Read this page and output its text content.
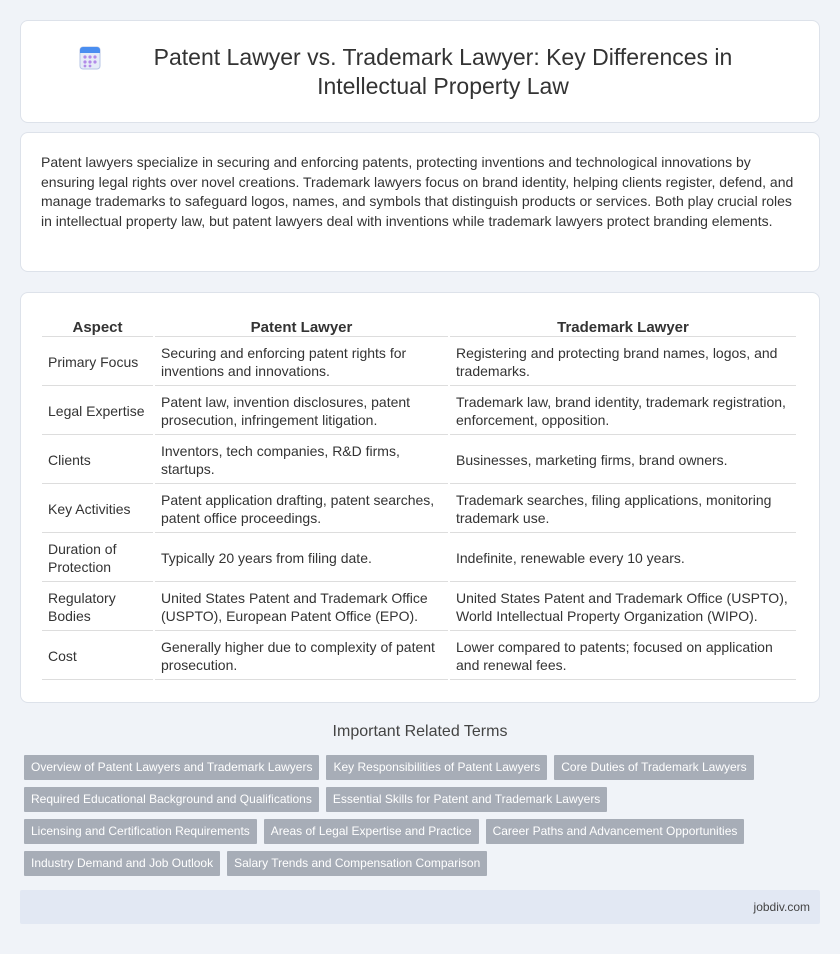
Patent Lawyer vs. Trademark Lawyer: Key Differences in Intellectual Property Law

Patent lawyers specialize in securing and enforcing patents, protecting inventions and technological innovations by ensuring legal rights over novel creations. Trademark lawyers focus on brand identity, helping clients register, defend, and manage trademarks to safeguard logos, names, and symbols that distinguish products or services. Both play crucial roles in intellectual property law, but patent lawyers deal with inventions while trademark lawyers protect branding elements.

Aspect	Patent Lawyer	Trademark Lawyer
Primary Focus	Securing and enforcing patent rights for inventions and innovations.	Registering and protecting brand names, logos, and trademarks.
Legal Expertise	Patent law, invention disclosures, patent prosecution, infringement litigation.	Trademark law, brand identity, trademark registration, enforcement, opposition.
Clients	Inventors, tech companies, R&D firms, startups.	Businesses, marketing firms, brand owners.
Key Activities	Patent application drafting, patent searches, patent office proceedings.	Trademark searches, filing applications, monitoring trademark use.
Duration of Protection	Typically 20 years from filing date.	Indefinite, renewable every 10 years.
Regulatory Bodies	United States Patent and Trademark Office (USPTO), European Patent Office (EPO).	United States Patent and Trademark Office (USPTO), World Intellectual Property Organization (WIPO).
Cost	Generally higher due to complexity of patent prosecution.	Lower compared to patents; focused on application and renewal fees.
Important Related Terms
Overview of Patent Lawyers and Trademark Lawyers	Key Responsibilities of Patent Lawyers	Core Duties of Trademark Lawyers
Required Educational Background and Qualifications	Essential Skills for Patent and Trademark Lawyers
Licensing and Certification Requirements	Areas of Legal Expertise and Practice	Career Paths and Advancement Opportunities
Industry Demand and Job Outlook	Salary Trends and Compensation Comparison
jobdiv.com
